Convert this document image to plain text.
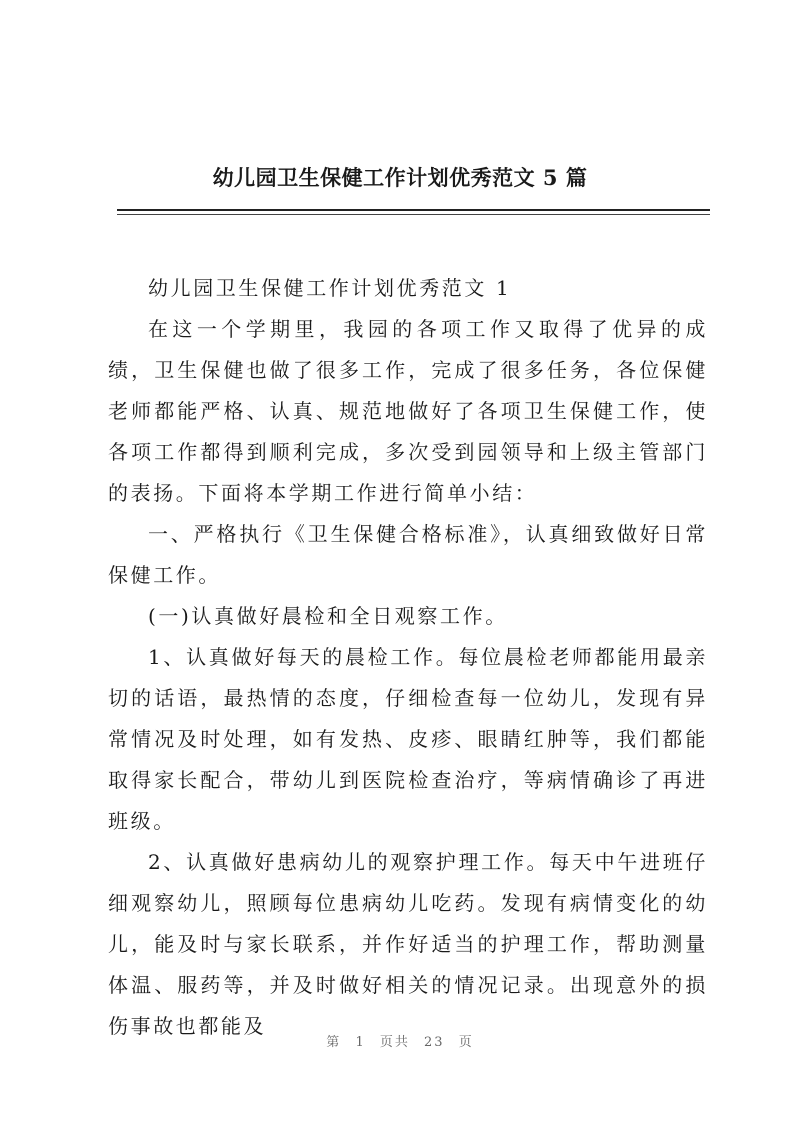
幼儿园卫生保健工作计划优秀范文 5 篇

幼儿园卫生保健工作计划优秀范文 1

在这一个学期里，我园的各项工作又取得了优异的成绩，卫生保健也做了很多工作，完成了很多任务，各位保健老师都能严格、认真、规范地做好了各项卫生保健工作，使各项工作都得到顺利完成，多次受到园领导和上级主管部门的表扬。下面将本学期工作进行简单小结：

一、严格执行《卫生保健合格标准》，认真细致做好日常保健工作。

(一)认真做好晨检和全日观察工作。

1、认真做好每天的晨检工作。每位晨检老师都能用最亲切的话语，最热情的态度，仔细检查每一位幼儿，发现有异常情况及时处理，如有发热、皮疹、眼睛红肿等，我们都能取得家长配合，带幼儿到医院检查治疗，等病情确诊了再进班级。

2、认真做好患病幼儿的观察护理工作。每天中午进班仔细观察幼儿，照顾每位患病幼儿吃药。发现有病情变化的幼儿，能及时与家长联系，并作好适当的护理工作，帮助测量体温、服药等，并及时做好相关的情况记录。出现意外的损伤事故也都能及

第 1 页共 23 页
